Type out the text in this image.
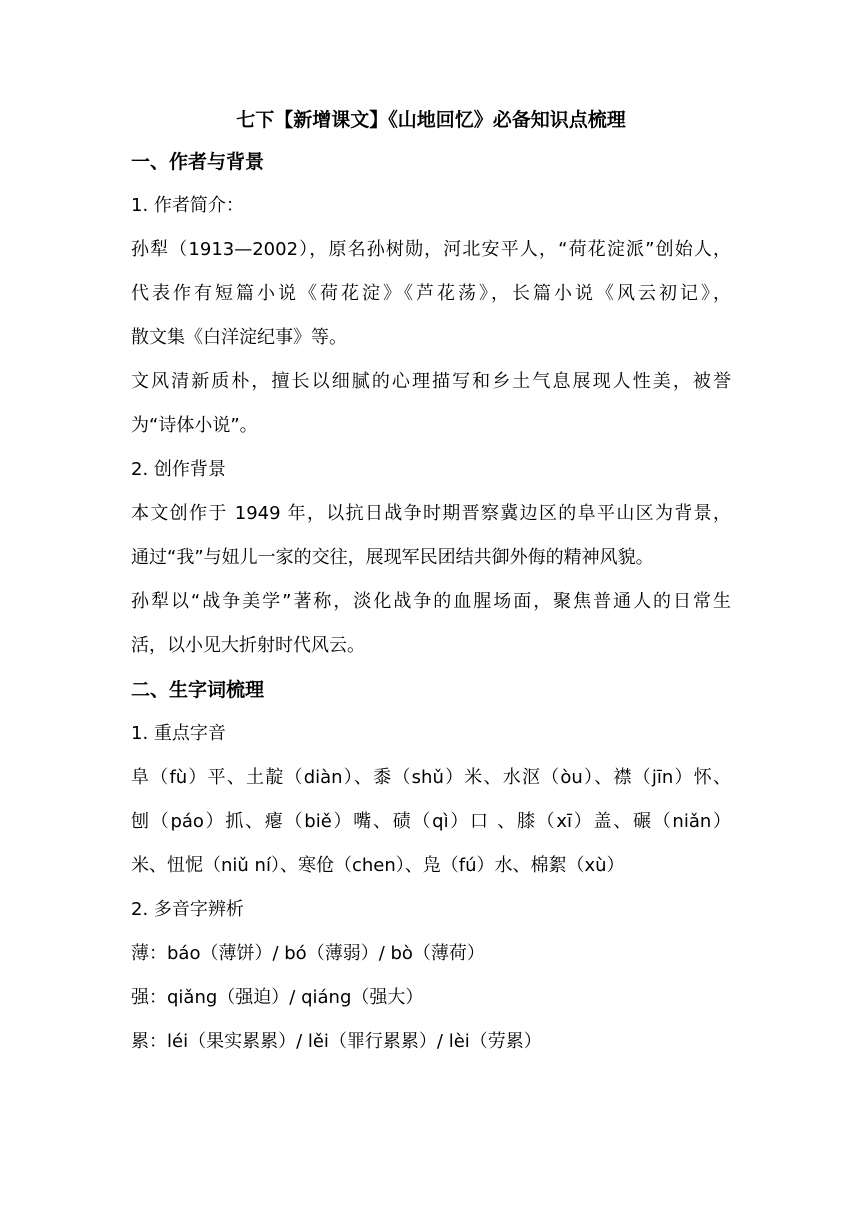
七下【新增课文】《山地回忆》必备知识点梳理
一、作者与背景
1. 作者简介：
孙犁（1913—2002），原名孙树勋，河北安平人，“荷花淀派”创始人，
代表作有短篇小说《荷花淀》《芦花荡》，长篇小说《风云初记》，
散文集《白洋淀纪事》等。
文风清新质朴，擅长以细腻的心理描写和乡土气息展现人性美，被誉
为“诗体小说”。
2. 创作背景
本文创作于 1949 年，以抗日战争时期晋察冀边区的阜平山区为背景，
通过“我”与妞儿一家的交往，展现军民团结共御外侮的精神风貌。
孙犁以“战争美学”著称，淡化战争的血腥场面，聚焦普通人的日常生
活，以小见大折射时代风云。
二、生字词梳理
1. 重点字音
阜（fù）平、土靛（diàn）、黍（shǔ）米、水沤（òu）、襟（jīn）怀、
刨（páo）抓、瘪（biě）嘴、碛（qì）口 、膝（xī）盖、碾（niǎn）
米、忸怩（niǔ ní）、寒伧（chen）、凫（fú）水、棉絮（xù）
2. 多音字辨析
薄：báo（薄饼）/ bó（薄弱）/ bò（薄荷）
强：qiǎng（强迫）/ qiáng（强大）
累：léi（果实累累）/ lěi（罪行累累）/ lèi（劳累）
